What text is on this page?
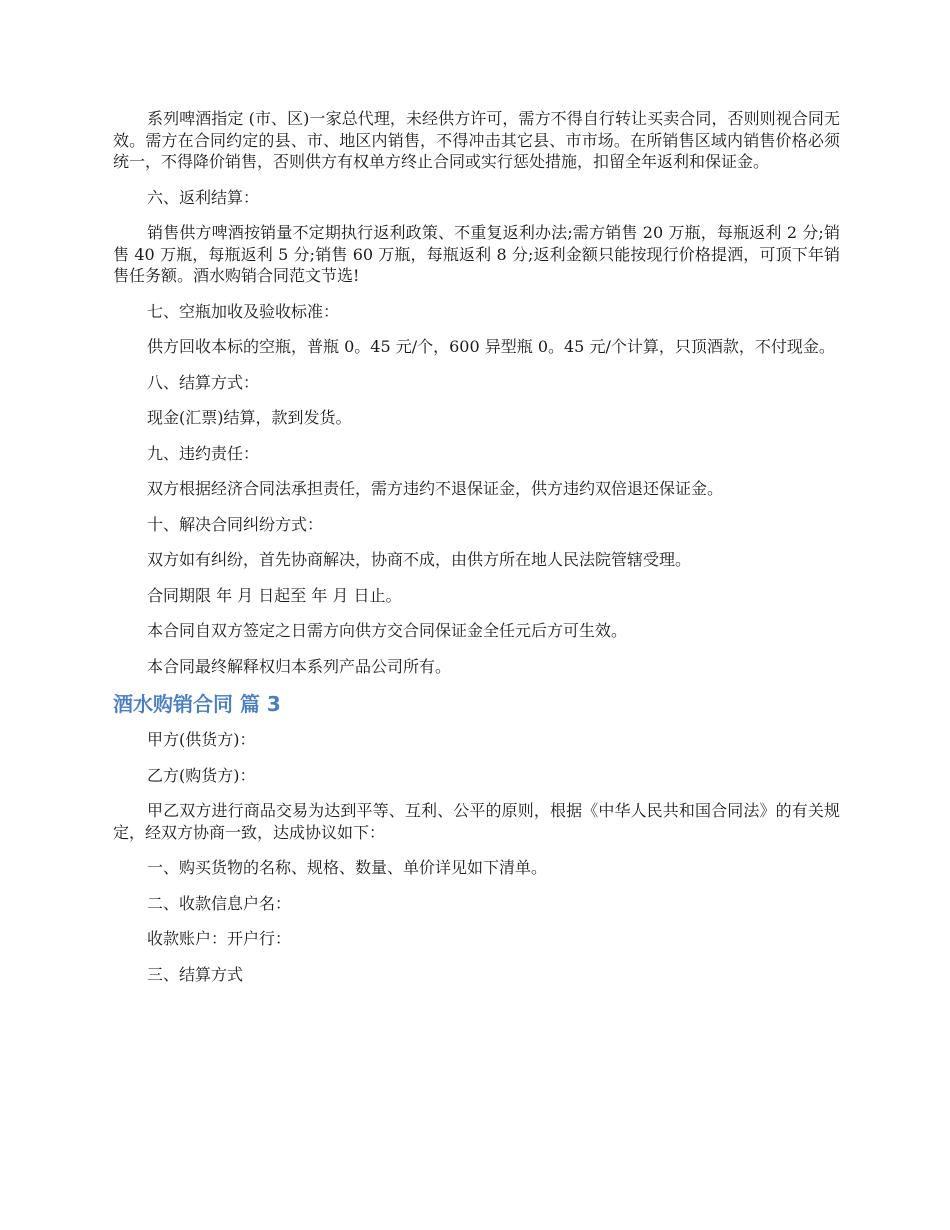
系列啤酒指定 (市、区)一家总代理，未经供方许可，需方不得自行转让买卖合同，否则则视合同无效。需方在合同约定的县、市、地区内销售，不得冲击其它县、市市场。在所销售区域内销售价格必须统一，不得降价销售，否则供方有权单方终止合同或实行惩处措施，扣留全年返利和保证金。

六、返利结算：

销售供方啤酒按销量不定期执行返利政策、不重复返利办法;需方销售 20 万瓶，每瓶返利 2 分;销售 40 万瓶，每瓶返利 5 分;销售 60 万瓶，每瓶返利 8 分;返利金额只能按现行价格提洒，可顶下年销售任务额。酒水购销合同范文节选!

七、空瓶加收及验收标准：

供方回收本标的空瓶，普瓶 0。45 元/个，600 异型瓶 0。45 元/个计算，只顶酒款，不付现金。

八、结算方式：

现金(汇票)结算，款到发货。

九、违约责任：

双方根据经济合同法承担责任，需方违约不退保证金，供方违约双倍退还保证金。

十、解决合同纠纷方式：

双方如有纠纷，首先协商解决，协商不成，由供方所在地人民法院管辖受理。

合同期限 年 月 日起至 年 月 日止。

本合同自双方签定之日需方向供方交合同保证金全任元后方可生效。

本合同最终解释权归本系列产品公司所有。

酒水购销合同 篇 3

甲方(供货方)：

乙方(购货方)：

甲乙双方进行商品交易为达到平等、互利、公平的原则，根据《中华人民共和国合同法》的有关规定，经双方协商一致，达成协议如下：

一、购买货物的名称、规格、数量、单价详见如下清单。

二、收款信息户名：

收款账户：开户行：

三、结算方式
